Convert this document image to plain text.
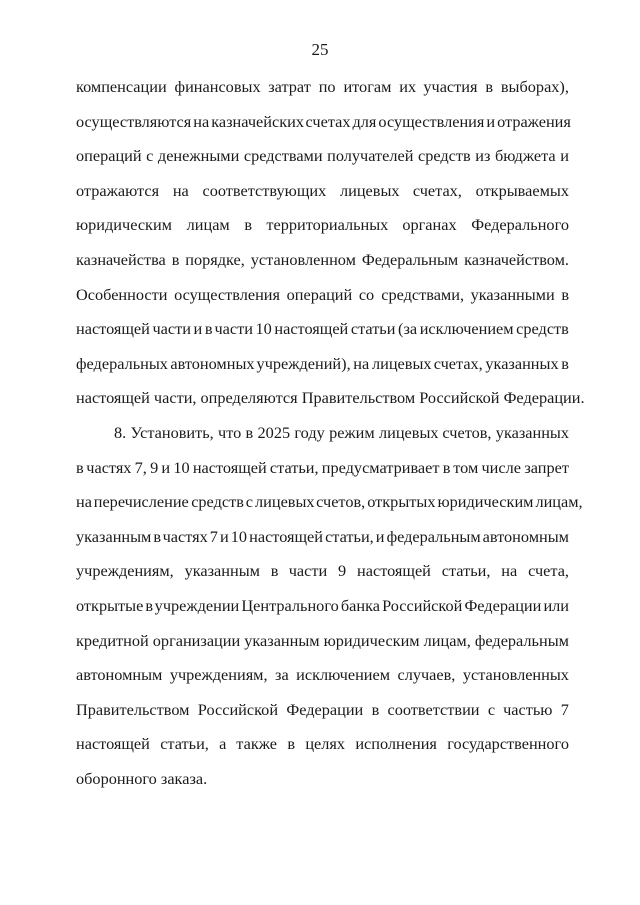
25
компенсации финансовых затрат по итогам их участия в выборах),
осуществляются на казначейских счетах для осуществления и отражения
операций с денежными средствами получателей средств из бюджета и
отражаются на соответствующих лицевых счетах, открываемых
юридическим лицам в территориальных органах Федерального
казначейства в порядке, установленном Федеральным казначейством.
Особенности осуществления операций со средствами, указанными в
настоящей части и в части 10 настоящей статьи (за исключением средств
федеральных автономных учреждений), на лицевых счетах, указанных в
настоящей части, определяются Правительством Российской Федерации.
8. Установить, что в 2025 году режим лицевых счетов, указанных
в частях 7, 9 и 10 настоящей статьи, предусматривает в том числе запрет
на перечисление средств с лицевых счетов, открытых юридическим лицам,
указанным в частях 7 и 10 настоящей статьи, и федеральным автономным
учреждениям, указанным в части 9 настоящей статьи, на счета,
открытые в учреждении Центрального банка Российской Федерации или
кредитной организации указанным юридическим лицам, федеральным
автономным учреждениям, за исключением случаев, установленных
Правительством Российской Федерации в соответствии с частью 7
настоящей статьи, а также в целях исполнения государственного
оборонного заказа.
